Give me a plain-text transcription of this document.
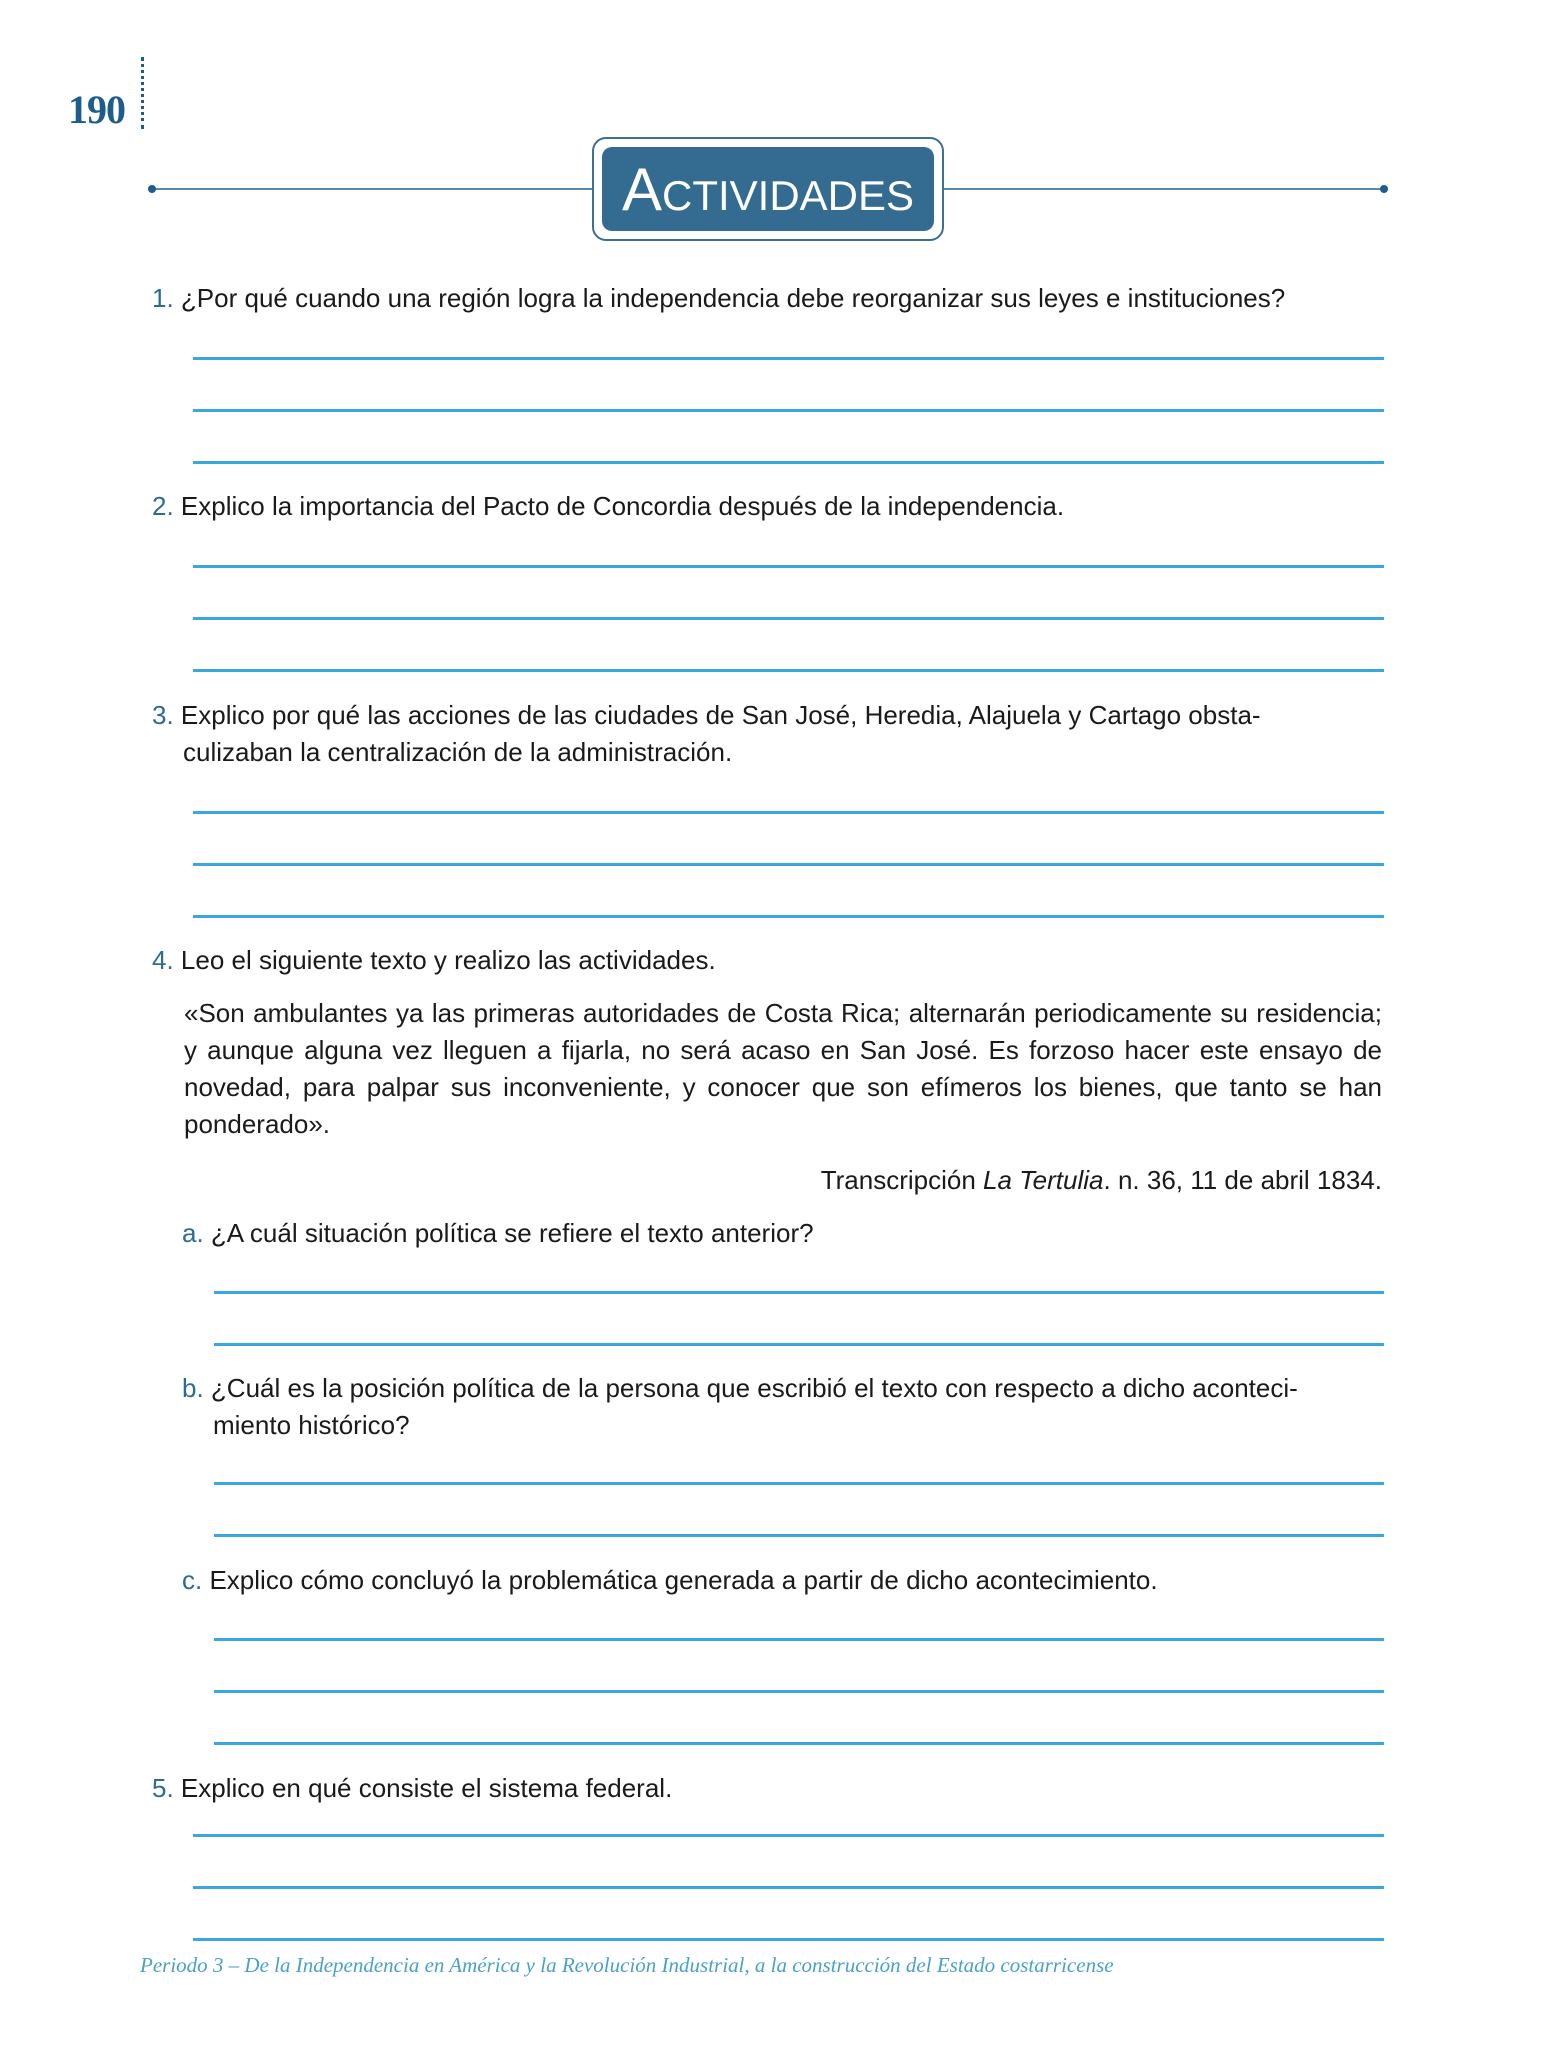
190
ACTIVIDADES
1. ¿Por qué cuando una región logra la independencia debe reorganizar sus leyes e instituciones?
2. Explico la importancia del Pacto de Concordia después de la independencia.
3. Explico por qué las acciones de las ciudades de San José, Heredia, Alajuela y Cartago obsta-
culizaban la centralización de la administración.
4. Leo el siguiente texto y realizo las actividades.
«Son ambulantes ya las primeras autoridades de Costa Rica; alternarán periodicamente su residencia; y aunque alguna vez lleguen a fijarla, no será acaso en San José. Es forzoso hacer este ensayo de novedad, para palpar sus inconveniente, y conocer que son efímeros los bienes, que tanto se han ponderado».
Transcripción La Tertulia. n. 36, 11 de abril 1834.
a. ¿A cuál situación política se refiere el texto anterior?
b. ¿Cuál es la posición política de la persona que escribió el texto con respecto a dicho aconteci-
miento histórico?
c. Explico cómo concluyó la problemática generada a partir de dicho acontecimiento.
5. Explico en qué consiste el sistema federal.
Periodo 3 – De la Independencia en América y la Revolución Industrial, a la construcción del Estado costarricense
